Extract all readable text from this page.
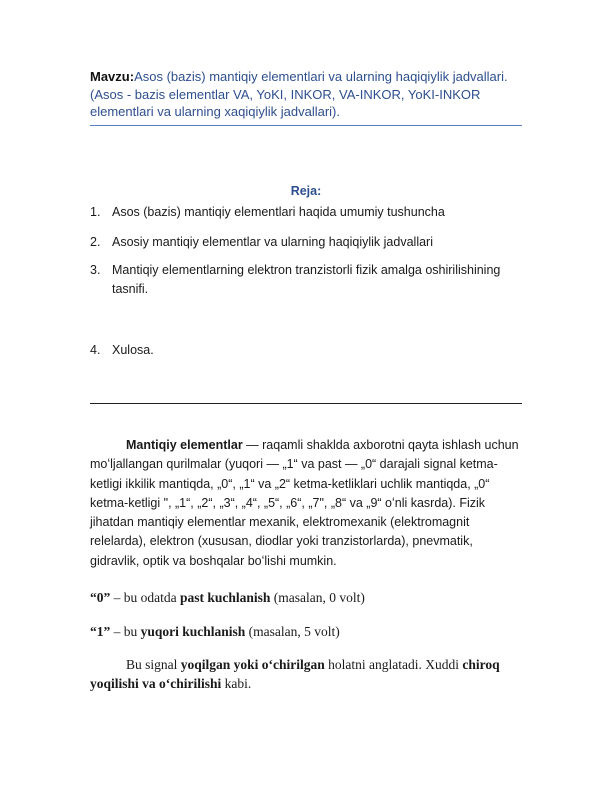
Mavzu:Asos (bazis) mantiqiy elementlari va ularning haqiqiylik jadvallari. (Asos - bazis elementlar VA, YoKI, INKOR, VA-INKOR, YoKI-INKOR elementlari va ularning xaqiqiylik jadvallari).
Reja:
1. Asos (bazis) mantiqiy elementlari haqida umumiy tushuncha
2. Asosiy mantiqiy elementlar va ularning haqiqiylik jadvallari
3. Mantiqiy elementlarning elektron tranzistorli fizik amalga oshirilishining tasnifi.
4. Xulosa.
Mantiqiy elementlar — raqamli shaklda axborotni qayta ishlash uchun moʻljallangan qurilmalar (yuqori — „1“ va past — „0“ darajali signal ketma-ketligi ikkilik mantiqda, „0“, „1“ va „2“ ketma-ketliklari uchlik mantiqda, „0“ ketma-ketligi ", „1“, „2“, „3“, „4“, „5“, „6“, „7", „8“ va „9“ oʻnli kasrda). Fizik jihatdan mantiqiy elementlar mexanik, elektromexanik (elektromagnit relelarda), elektron (xususan, diodlar yoki tranzistorlarda), pnevmatik, gidravlik, optik va boshqalar boʻlishi mumkin.
“0” – bu odatda past kuchlanish (masalan, 0 volt)
“1” – bu yuqori kuchlanish (masalan, 5 volt)
Bu signal yoqilgan yoki oʻchirilgan holatni anglatadi. Xuddi chiroq yoqilishi va oʻchirilishi kabi.
